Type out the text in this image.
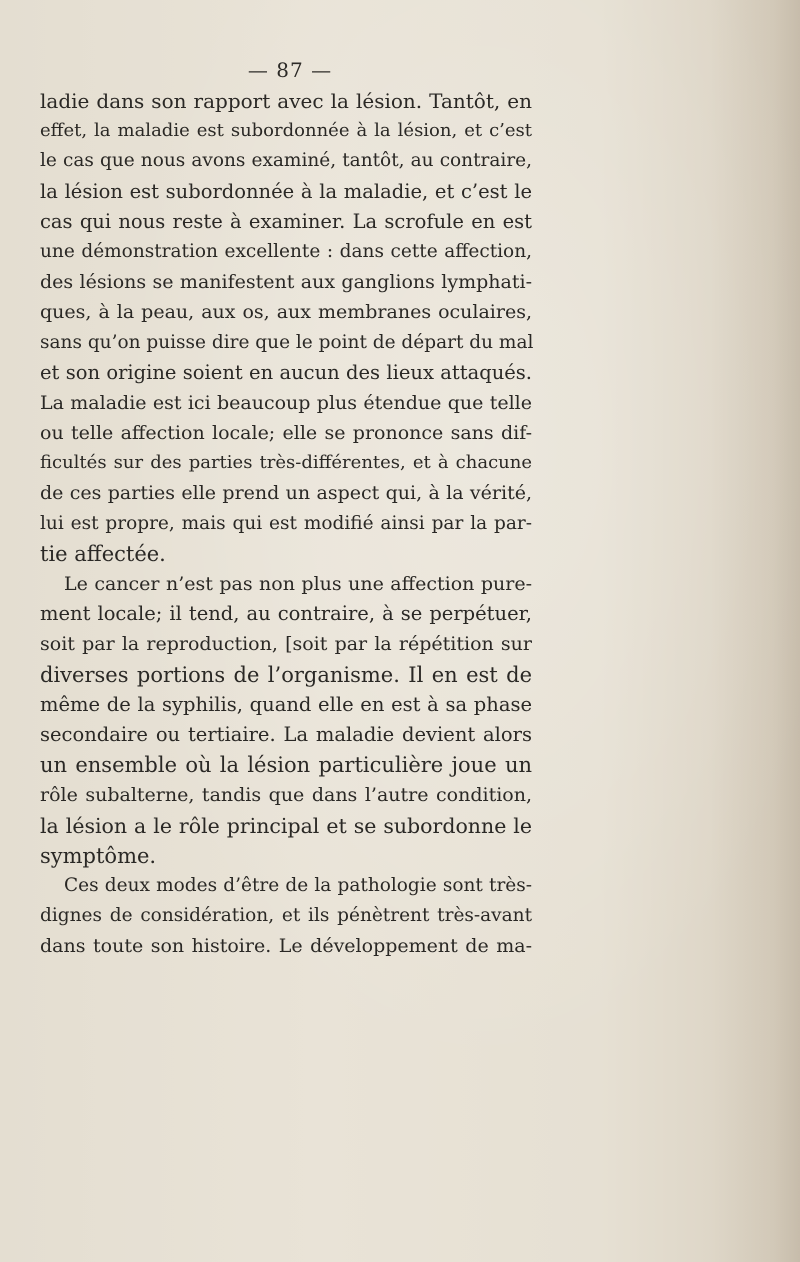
— 87 —
ladie dans son rapport avec la lésion. Tantôt, en
effet, la maladie est subordonnée à la lésion, et c’est
le cas que nous avons examiné, tantôt, au contraire,
la lésion est subordonnée à la maladie, et c’est le
cas qui nous reste à examiner. La scrofule en est
une démonstration excellente : dans cette affection,
des lésions se manifestent aux ganglions lymphati-
ques, à la peau, aux os, aux membranes oculaires,
sans qu’on puisse dire que le point de départ du mal
et son origine soient en aucun des lieux attaqués.
La maladie est ici beaucoup plus étendue que telle
ou telle affection locale; elle se prononce sans dif-
ficultés sur des parties très-différentes, et à chacune
de ces parties elle prend un aspect qui, à la vérité,
lui est propre, mais qui est modifié ainsi par la par-
tie affectée.
Le cancer n’est pas non plus une affection pure-
ment locale; il tend, au contraire, à se perpétuer,
soit par la reproduction, [soit par la répétition sur
diverses portions de l’organisme. Il en est de
même de la syphilis, quand elle en est à sa phase
secondaire ou tertiaire. La maladie devient alors
un ensemble où la lésion particulière joue un
rôle subalterne, tandis que dans l’autre condition,
la lésion a le rôle principal et se subordonne le
symptôme.
Ces deux modes d’être de la pathologie sont très-
dignes de considération, et ils pénètrent très-avant
dans toute son histoire. Le développement de ma-
